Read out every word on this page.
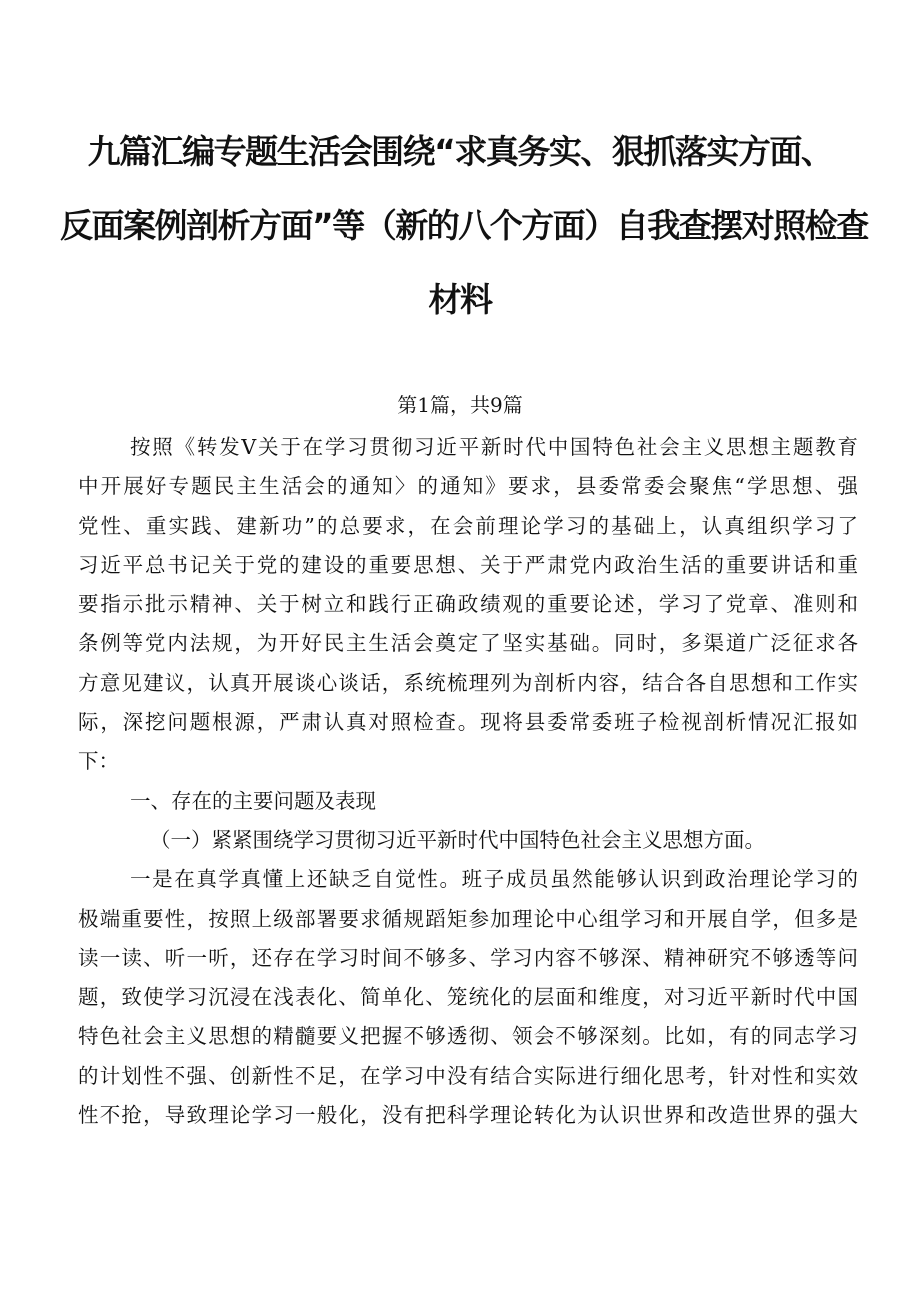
九篇汇编专题生活会围绕“求真务实、狠抓落实方面、
反面案例剖析方面”等（新的八个方面）自我查摆对照检查
材料
第1篇，共9篇
按照《转发Ⅴ关于在学习贯彻习近平新时代中国特色社会主义思想主题教育
中开展好专题民主生活会的通知〉的通知》要求，县委常委会聚焦“学思想、强
党性、重实践、建新功”的总要求，在会前理论学习的基础上，认真组织学习了
习近平总书记关于党的建设的重要思想、关于严肃党内政治生活的重要讲话和重
要指示批示精神、关于树立和践行正确政绩观的重要论述，学习了党章、准则和
条例等党内法规，为开好民主生活会奠定了坚实基础。同时，多渠道广泛征求各
方意见建议，认真开展谈心谈话，系统梳理列为剖析内容，结合各自思想和工作实
际，深挖问题根源，严肃认真对照检查。现将县委常委班子检视剖析情况汇报如
下：
一、存在的主要问题及表现
（一）紧紧围绕学习贯彻习近平新时代中国特色社会主义思想方面。
一是在真学真懂上还缺乏自觉性。班子成员虽然能够认识到政治理论学习的
极端重要性，按照上级部署要求循规蹈矩参加理论中心组学习和开展自学，但多是
读一读、听一听，还存在学习时间不够多、学习内容不够深、精神研究不够透等问
题，致使学习沉浸在浅表化、简单化、笼统化的层面和维度，对习近平新时代中国
特色社会主义思想的精髓要义把握不够透彻、领会不够深刻。比如，有的同志学习
的计划性不强、创新性不足，在学习中没有结合实际进行细化思考，针对性和实效
性不抢，导致理论学习一般化，没有把科学理论转化为认识世界和改造世界的强大
